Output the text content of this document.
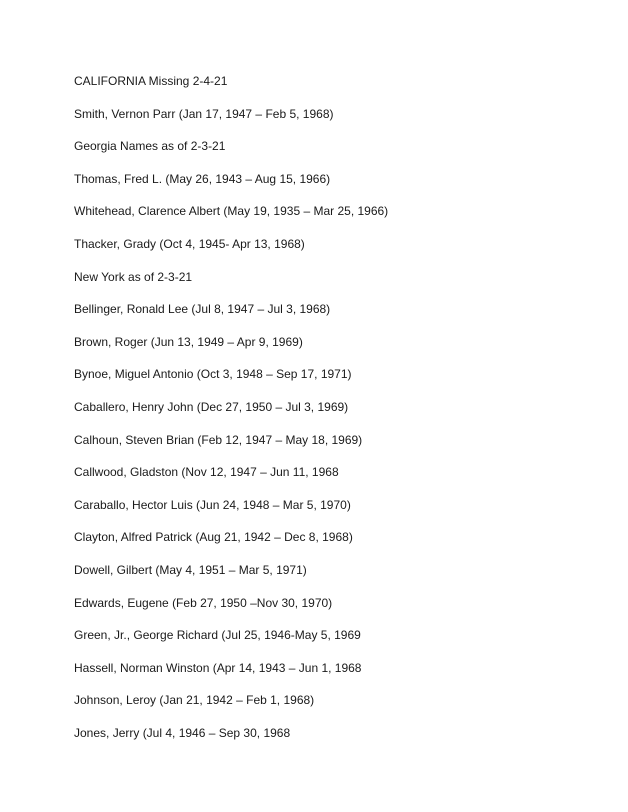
CALIFORNIA Missing 2-4-21
Smith, Vernon Parr (Jan 17, 1947 – Feb 5, 1968)
Georgia Names as of 2-3-21
Thomas, Fred L. (May 26, 1943 – Aug 15, 1966)
Whitehead, Clarence Albert (May 19, 1935 – Mar 25, 1966)
Thacker, Grady (Oct 4, 1945- Apr 13, 1968)
New York as of 2-3-21
Bellinger, Ronald Lee (Jul 8, 1947 – Jul 3, 1968)
Brown, Roger (Jun 13, 1949 – Apr 9, 1969)
Bynoe, Miguel Antonio (Oct 3, 1948 – Sep 17, 1971)
Caballero, Henry John (Dec 27, 1950 – Jul 3, 1969)
Calhoun, Steven Brian (Feb 12, 1947 – May 18, 1969)
Callwood, Gladston (Nov 12, 1947 – Jun 11, 1968
Caraballo, Hector Luis (Jun 24, 1948 – Mar 5, 1970)
Clayton, Alfred Patrick (Aug 21, 1942 – Dec 8, 1968)
Dowell, Gilbert (May 4, 1951 – Mar 5, 1971)
Edwards, Eugene (Feb 27, 1950 –Nov 30, 1970)
Green, Jr., George Richard (Jul 25, 1946-May 5, 1969
Hassell, Norman Winston (Apr 14, 1943 – Jun 1, 1968
Johnson, Leroy (Jan 21, 1942 – Feb 1, 1968)
Jones, Jerry (Jul 4, 1946 – Sep 30, 1968
